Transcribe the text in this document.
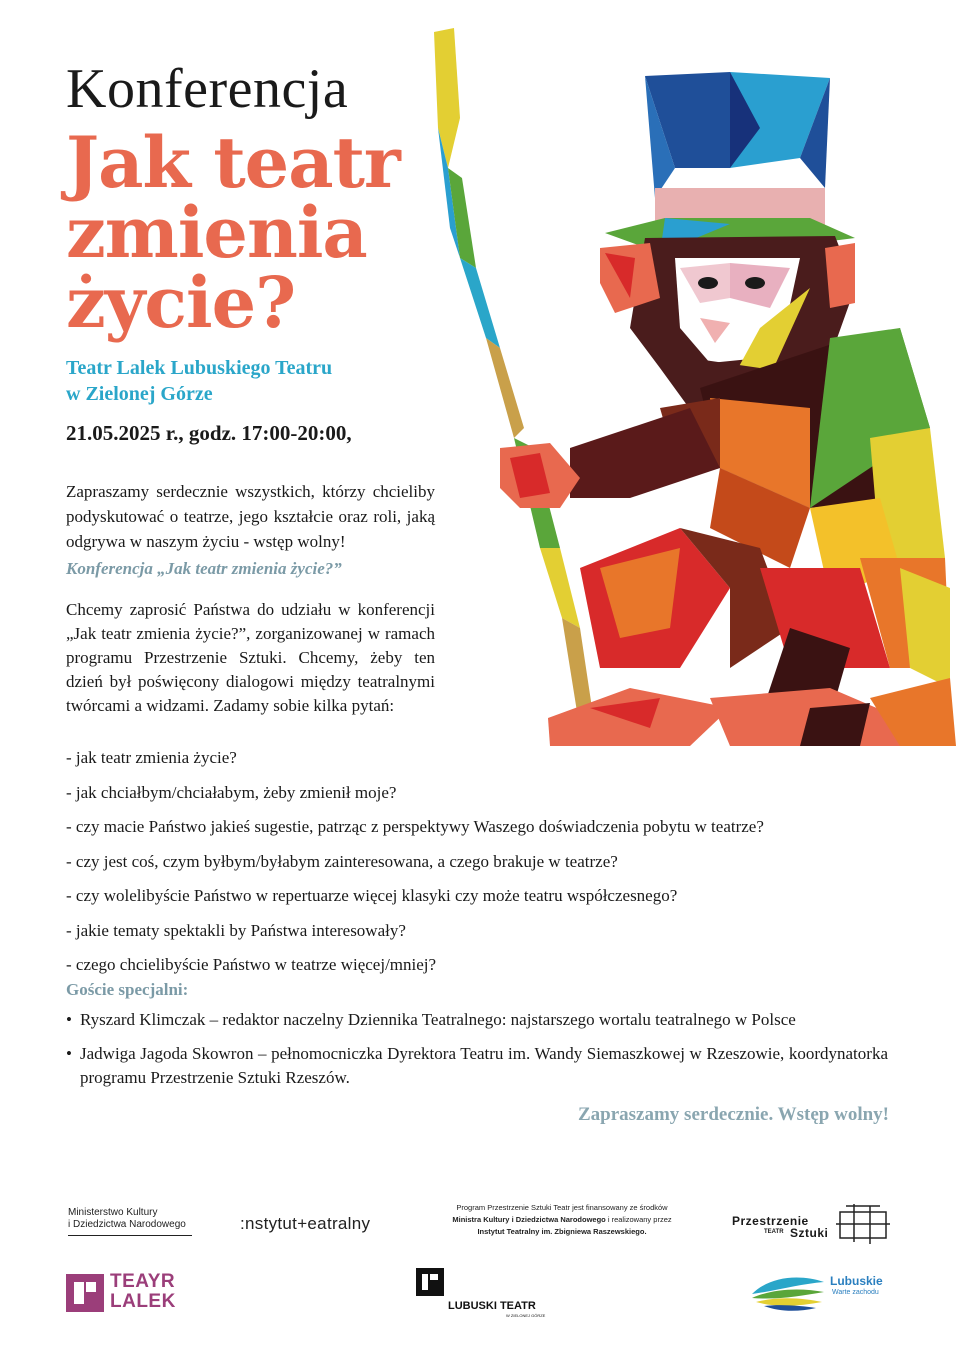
Konferencja
Jak teatr
zmienia
życie?
Teatr Lalek Lubuskiego Teatru
w Zielonej Górze
21.05.2025 r., godz. 17:00-20:00,

Zapraszamy serdecznie wszystkich, którzy chcieliby podyskutować o teatrze, jego kształcie oraz roli, jaką odgrywa w naszym życiu - wstęp wolny!

Konferencja „Jak teatr zmienia życie?”

Chcemy zaprosić Państwa do udziału w konferencji „Jak teatr zmienia życie?”, zorganizowanej w ramach programu Przestrzenie Sztuki. Chcemy, żeby ten dzień był poświęcony dialogowi między teatralnymi twórcami a widzami. Zadamy sobie kilka pytań:

- jak teatr zmienia życie?
- jak chciałbym/chciałabym, żeby zmienił moje?
- czy macie Państwo jakieś sugestie, patrząc z perspektywy Waszego doświadczenia pobytu w teatrze?
- czy jest coś, czym byłbym/byłabym zainteresowana, a czego brakuje w teatrze?
- czy wolelibyście Państwo w repertuarze więcej klasyki czy może teatru współczesnego?
- jakie tematy spektakli by Państwa interesowały?
- czego chcielibyście Państwo w teatrze więcej/mniej?
Goście specjalni:
• Ryszard Klimczak – redaktor naczelny Dziennika Teatralnego: najstarszego wortalu teatralnego w Polsce
• Jadwiga Jagoda Skowron – pełnomocniczka Dyrektora Teatru im. Wandy Siemaszkowej w Rzeszowie, koordynatorka programu Przestrzenie Sztuki Rzeszów.
Zapraszamy serdecznie. Wstęp wolny!
Ministerstwo Kultury
i Dziedzictwa Narodowego	:nstytut+eatralny
Program Przestrzenie Sztuki Teatr jest finansowany ze środków
Ministra Kultury i Dziedzictwa Narodowego i realizowany przez
Instytut Teatralny im. Zbigniewa Raszewskiego.
Przestrzenie
TEATR Sztuki
TEAYR
LALEK	LUBUSKI TEATR
W ZIELONEJ GÓRZE
Lubuskie
Warte zachodu
